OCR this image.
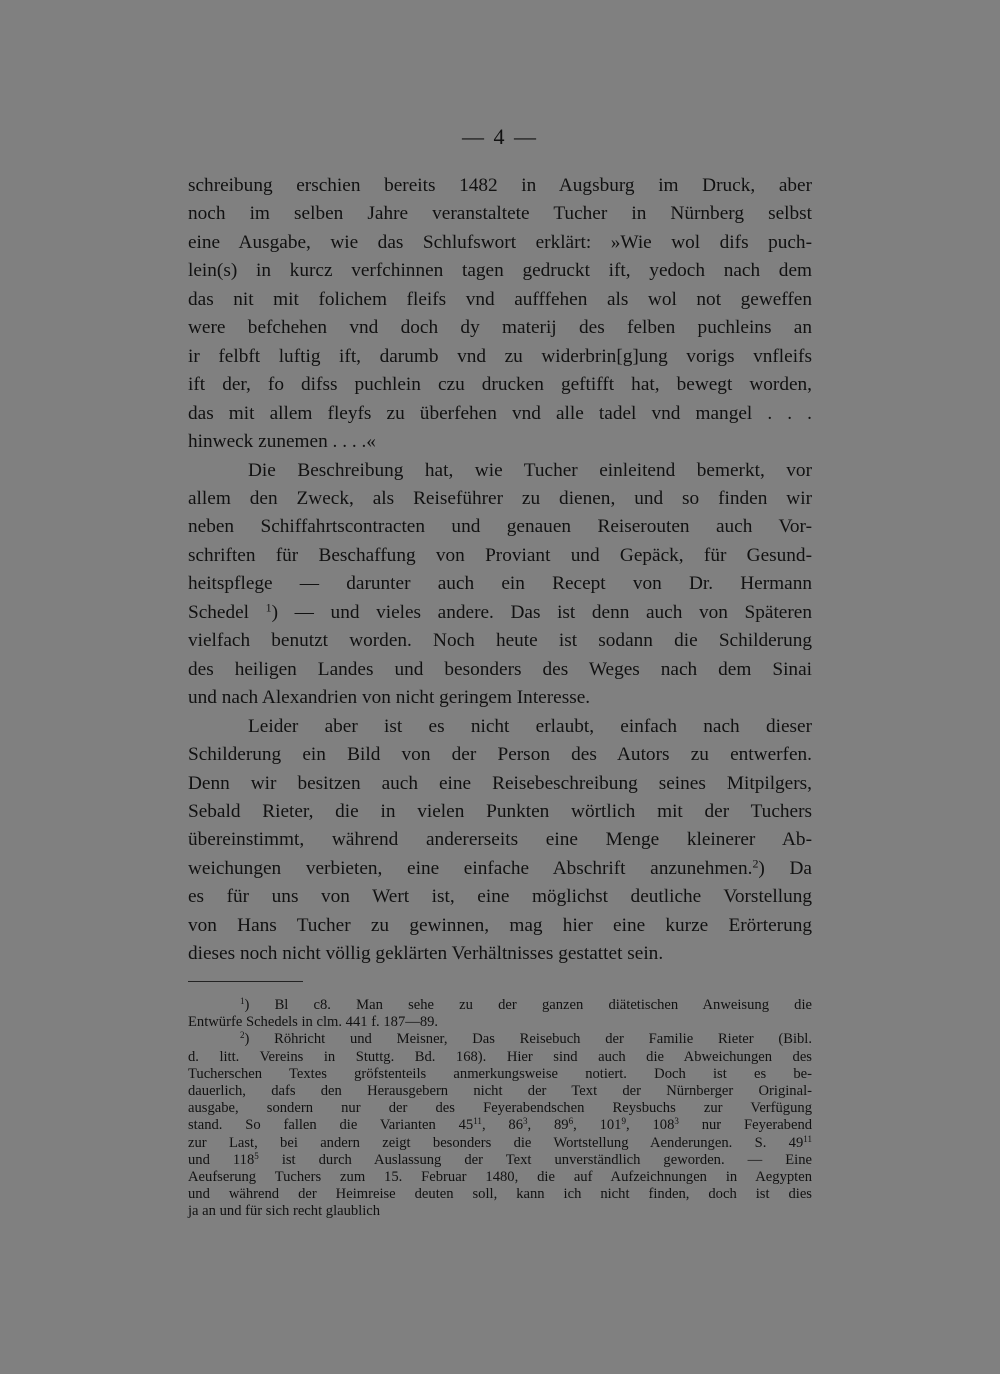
— 4 —
schreibung erschien bereits 1482 in Augsburg im Druck, aber
noch im selben Jahre veranstaltete Tucher in Nürnberg selbst
eine Ausgabe, wie das Schlufswort erklärt: »Wie wol difs puch-
lein(s) in kurcz verfchinnen tagen gedruckt ift, yedoch nach dem
das nit mit folichem fleifs vnd aufffehen als wol not geweffen
were befchehen vnd doch dy materij des felben puchleins an
ir felbft luftig ift, darumb vnd zu widerbrin[g]ung vorigs vnfleifs
ift der, fo difss puchlein czu drucken geftifft hat, bewegt worden,
das mit allem fleyfs zu überfehen vnd alle tadel vnd mangel . . .
hinweck zunemen . . . .«
Die Beschreibung hat, wie Tucher einleitend bemerkt, vor
allem den Zweck, als Reiseführer zu dienen, und so finden wir
neben Schiffahrtscontracten und genauen Reiserouten auch Vor-
schriften für Beschaffung von Proviant und Gepäck, für Gesund-
heitspflege — darunter auch ein Recept von Dr. Hermann
Schedel $^1$) — und vieles andere. Das ist denn auch von Späteren
vielfach benutzt worden. Noch heute ist sodann die Schilderung
des heiligen Landes und besonders des Weges nach dem Sinai
und nach Alexandrien von nicht geringem Interesse.
Leider aber ist es nicht erlaubt, einfach nach dieser
Schilderung ein Bild von der Person des Autors zu entwerfen.
Denn wir besitzen auch eine Reisebeschreibung seines Mitpilgers,
Sebald Rieter, die in vielen Punkten wörtlich mit der Tuchers
übereinstimmt, während andererseits eine Menge kleinerer Ab-
weichungen verbieten, eine einfache Abschrift anzunehmen.$^2$) Da
es für uns von Wert ist, eine möglichst deutliche Vorstellung
von Hans Tucher zu gewinnen, mag hier eine kurze Erörterung
dieses noch nicht völlig geklärten Verhältnisses gestattet sein.
$^1$) Bl c8. Man sehe zu der ganzen diätetischen Anweisung die
Entwürfe Schedels in clm. 441 f. 187—89.
$^2$) Röhricht und Meisner, Das Reisebuch der Familie Rieter (Bibl.
d. litt. Vereins in Stuttg. Bd. 168). Hier sind auch die Abweichungen des
Tucherschen Textes gröfstenteils anmerkungsweise notiert. Doch ist es be-
dauerlich, dafs den Herausgebern nicht der Text der Nürnberger Original-
ausgabe, sondern nur der des Feyerabendschen Reysbuchs zur Verfügung
stand. So fallen die Varianten $45^{11}$, $86^3$, $89^6$, $101^9$, $108^3$ nur Feyerabend
zur Last, bei andern zeigt besonders die Wortstellung Aenderungen. S. $49^{11}$
und $118^5$ ist durch Auslassung der Text unverständlich geworden. — Eine
Aeufserung Tuchers zum 15. Februar 1480, die auf Aufzeichnungen in Aegypten
und während der Heimreise deuten soll, kann ich nicht finden, doch ist dies
ja an und für sich recht glaublich
